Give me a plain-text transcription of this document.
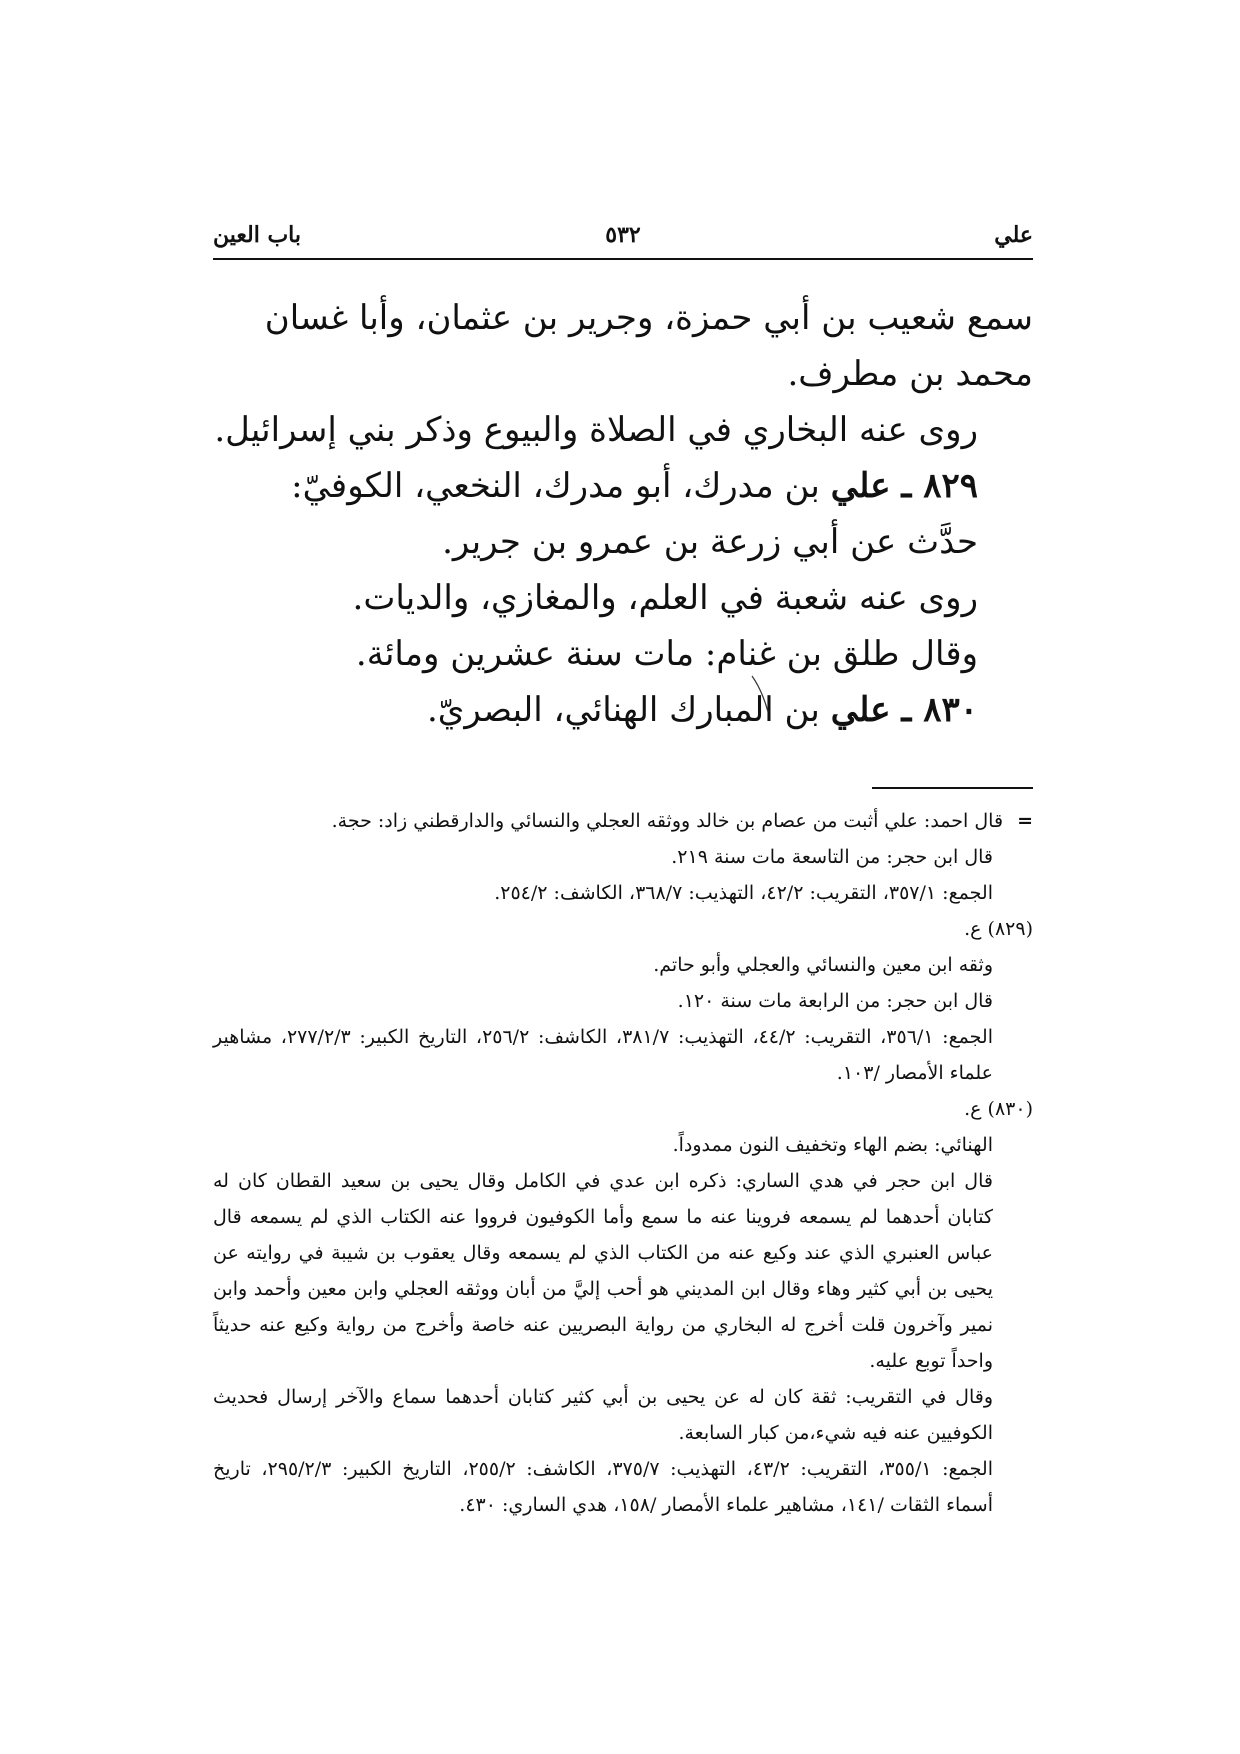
علي
٥٣٢
باب العين

سمع شعيب بن أبي حمزة، وجرير بن عثمان، وأبا غسان محمد بن مطرف.

روى عنه البخاري في الصلاة والبيوع وذكر بني إسرائيل.

٨٢٩ ـ علي بن مدرك، أبو مدرك، النخعي، الكوفيّ:

حدَّث عن أبي زرعة بن عمرو بن جرير.

روى عنه شعبة في العلم، والمغازي، والديات.

وقال طلق بن غنام: مات سنة عشرين ومائة.

٨٣٠ ـ علي بن المبارك الهنائي، البصريّ.

= قال احمد: علي أثبت من عصام بن خالد ووثقه العجلي والنسائي والدارقطني زاد: حجة.

قال ابن حجر: من التاسعة مات سنة ٢١٩.

الجمع: ٣٥٧/١، التقريب: ٤٢/٢، التهذيب: ٣٦٨/٧، الكاشف: ٢٥٤/٢.

(٨٢٩) ع.

وثقه ابن معين والنسائي والعجلي وأبو حاتم.

قال ابن حجر: من الرابعة مات سنة ١٢٠.

الجمع: ٣٥٦/١، التقريب: ٤٤/٢، التهذيب: ٣٨١/٧، الكاشف: ٢٥٦/٢، التاريخ الكبير: ٢٧٧/٢/٣، مشاهير علماء الأمصار /١٠٣.

(٨٣٠) ع.

الهنائي: بضم الهاء وتخفيف النون ممدوداً.

قال ابن حجر في هدي الساري: ذكره ابن عدي في الكامل وقال يحيى بن سعيد القطان كان له كتابان أحدهما لم يسمعه فروينا عنه ما سمع وأما الكوفيون فرووا عنه الكتاب الذي لم يسمعه قال عباس العنبري الذي عند وكيع عنه من الكتاب الذي لم يسمعه وقال يعقوب بن شيبة في روايته عن يحيى بن أبي كثير وهاء وقال ابن المديني هو أحب إليَّ من أبان ووثقه العجلي وابن معين وأحمد وابن نمير وآخرون قلت أخرج له البخاري من رواية البصريين عنه خاصة وأخرج من رواية وكيع عنه حديثاً واحداً توبع عليه.

وقال في التقريب: ثقة كان له عن يحيى بن أبي كثير كتابان أحدهما سماع والآخر إرسال فحديث الكوفيين عنه فيه شيء،من كبار السابعة.

الجمع: ٣٥٥/١، التقريب: ٤٣/٢، التهذيب: ٣٧٥/٧، الكاشف: ٢٥٥/٢، التاريخ الكبير: ٢٩٥/٢/٣، تاريخ أسماء الثقات /١٤١، مشاهير علماء الأمصار /١٥٨، هدي الساري: ٤٣٠.
